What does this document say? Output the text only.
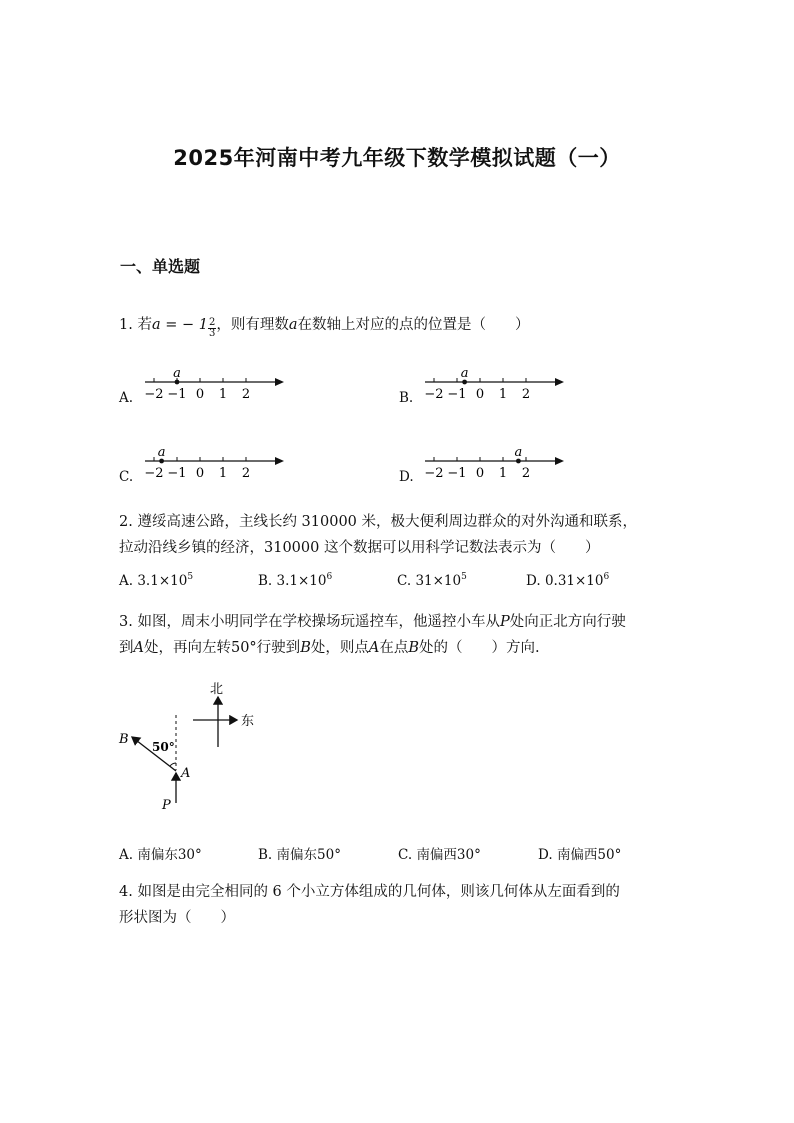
2025年河南中考九年级下数学模拟试题（一）
一、单选题
1. 若a = − $1 \frac{2}{3}$ ，则有理数a在数轴上对应的点的位置是（　　）
A. −2 −1 0 1 2
a
B. −2 −1 0 1 2
a
C. −2 −1 0 1 2
a
D. −2 −1 0 1 2
a
2. 遵绥高速公路，主线长约 310000 米，极大便利周边群众的对外沟通和联系，
拉动沿线乡镇的经济，310000 这个数据可以用科学记数法表示为（　　）
A. $3.1\times 10^5$	B. $3.1\times 10^6$	C. $31\times 10^5$	D. $0.31\times 10^6$
3. 如图，周末小明同学在学校操场玩遥控车，他遥控小车从P处向正北方向行驶
到A处，再向左转50°行驶到B处，则点A在点B处的（　　）方向.
北
东
50°
B
A
P
A. 南偏东30°	B. 南偏东50°	C. 南偏西30°	D. 南偏西50°
4. 如图是由完全相同的 6 个小立方体组成的几何体，则该几何体从左面看到的
形状图为（　　）
